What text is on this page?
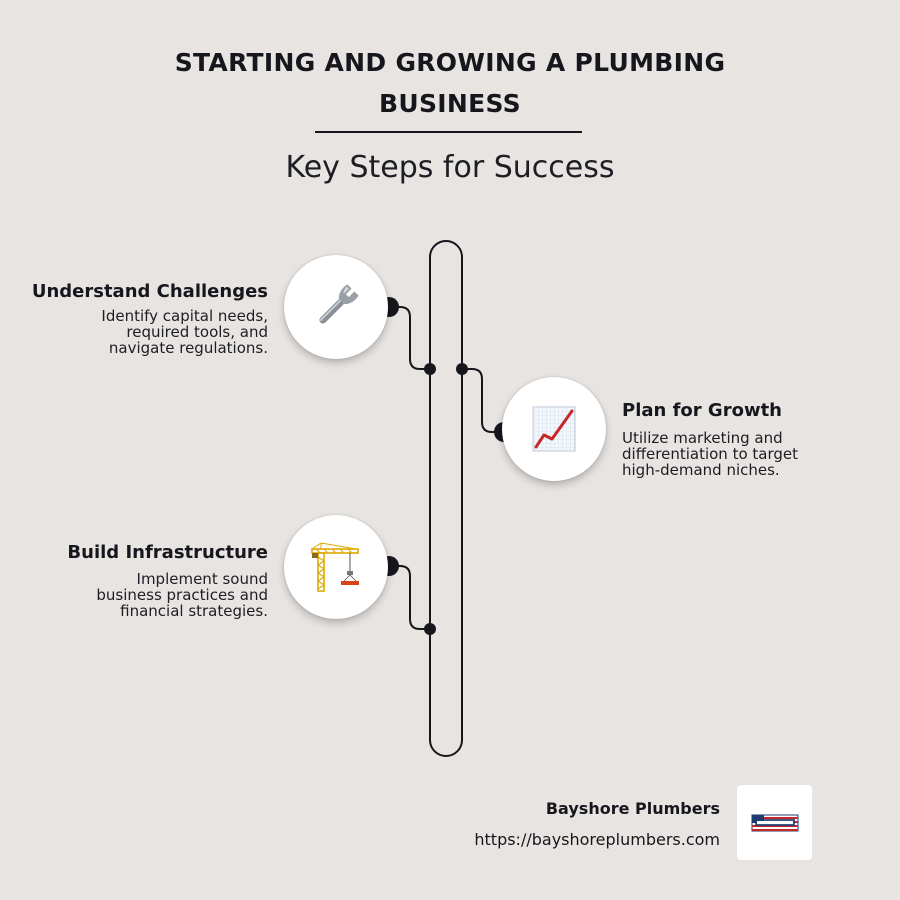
STARTING AND GROWING A PLUMBING BUSINESS
Key Steps for Success
Understand Challenges
Identify capital needs, required tools, and navigate regulations.
Plan for Growth
Utilize marketing and differentiation to target high-demand niches.
Build Infrastructure
Implement sound business practices and financial strategies.
Bayshore Plumbers
https://bayshoreplumbers.com
